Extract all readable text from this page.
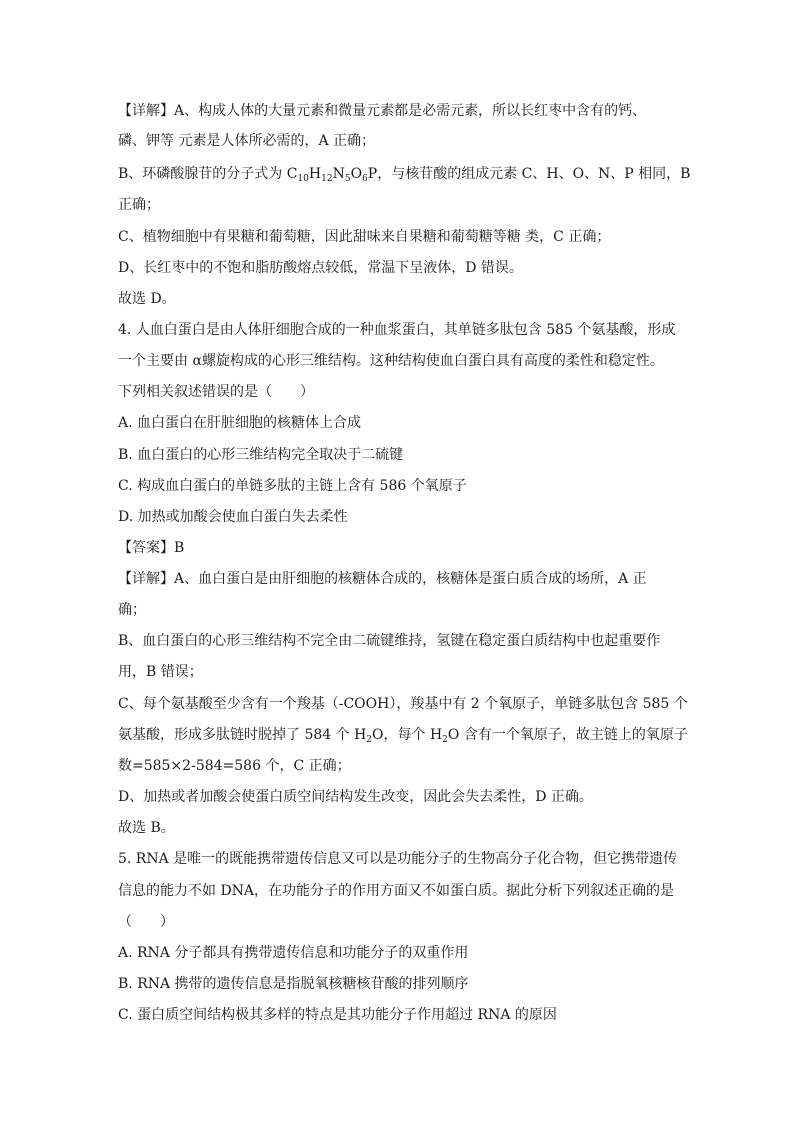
【详解】A、构成人体的大量元素和微量元素都是必需元素，所以长红枣中含有的钙、
磷、钾等 元素是人体所必需的，A 正确；
B、环磷酸腺苷的分子式为 $C_{10}H_{12}N_5O_6P$，与核苷酸的组成元素 C、H、O、N、P 相同，B
正确；
C、植物细胞中有果糖和葡萄糖，因此甜味来自果糖和葡萄糖等糖 类，C 正确；
D、长红枣中的不饱和脂肪酸熔点较低，常温下呈液体，D 错误。
故选 D。
4. 人血白蛋白是由人体肝细胞合成的一种血浆蛋白，其单链多肽包含 585 个氨基酸，形成
一个主要由 α螺旋构成的心形三维结构。这种结构使血白蛋白具有高度的柔性和稳定性。
下列相关叙述错误的是（　　）
A. 血白蛋白在肝脏细胞的核糖体上合成
B. 血白蛋白的心形三维结构完全取决于二硫键
C. 构成血白蛋白的单链多肽的主链上含有 586 个氧原子
D. 加热或加酸会使血白蛋白失去柔性
【答案】B
【详解】A、血白蛋白是由肝细胞的核糖体合成的，核糖体是蛋白质合成的场所，A 正
确；
B、血白蛋白的心形三维结构不完全由二硫键维持，氢键在稳定蛋白质结构中也起重要作
用，B 错误；
C、每个氨基酸至少含有一个羧基（-COOH），羧基中有 2 个氧原子，单链多肽包含 585 个
氨基酸，形成多肽链时脱掉了 584 个 $H_2O$，每个 $H_2O$ 含有一个氧原子，故主链上的氧原子
数=585×2-584=586 个，C 正确；
D、加热或者加酸会使蛋白质空间结构发生改变，因此会失去柔性，D 正确。
故选 B。
5. RNA 是唯一的既能携带遗传信息又可以是功能分子的生物高分子化合物，但它携带遗传
信息的能力不如 DNA，在功能分子的作用方面又不如蛋白质。据此分析下列叙述正确的是
（　　）
A. RNA 分子都具有携带遗传信息和功能分子的双重作用
B. RNA 携带的遗传信息是指脱氧核糖核苷酸的排列顺序
C. 蛋白质空间结构极其多样的特点是其功能分子作用超过 RNA 的原因
